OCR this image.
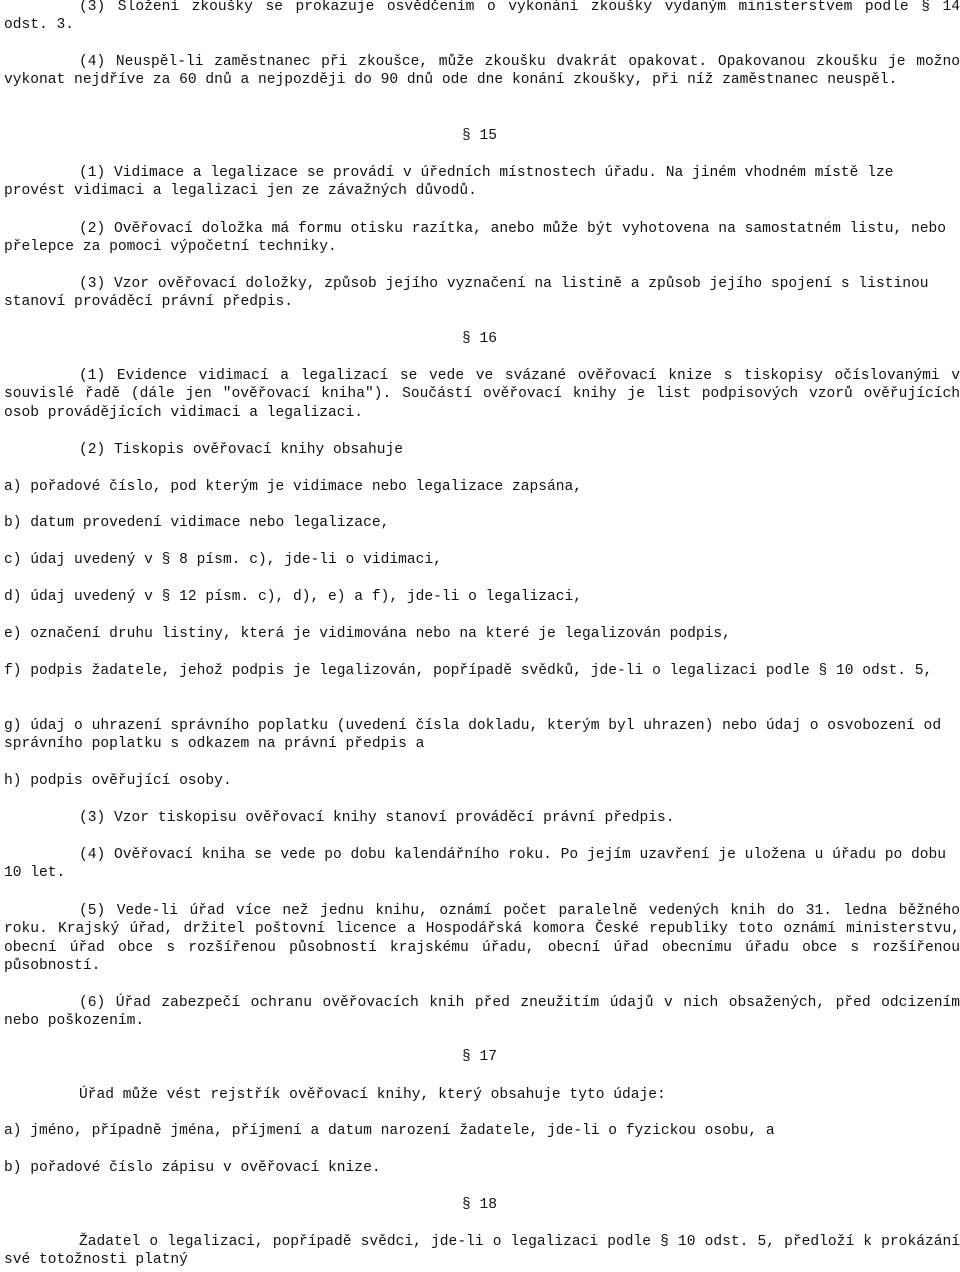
(3) Složení zkoušky se prokazuje osvědčením o vykonání zkoušky vydaným ministerstvem podle § 14 odst. 3.
(4) Neuspěl-li zaměstnanec při zkoušce, může zkoušku dvakrát opakovat. Opakovanou zkoušku je možno vykonat nejdříve za 60 dnů a nejpozději do 90 dnů ode dne konání zkoušky, při níž zaměstnanec neuspěl.
§ 15
(1) Vidimace a legalizace se provádí v úředních místnostech úřadu. Na jiném vhodném místě lze provést vidimaci a legalizaci jen ze závažných důvodů.
(2) Ověřovací doložka má formu otisku razítka, anebo může být vyhotovena na samostatném listu, nebo přelepce za pomoci výpočetní techniky.
(3) Vzor ověřovací doložky, způsob jejího vyznačení na listině a způsob jejího spojení s listinou stanoví prováděcí právní předpis.
§ 16
(1) Evidence vidimací a legalizací se vede ve svázané ověřovací knize s tiskopisy očíslovanými v souvislé řadě (dále jen "ověřovací kniha"). Součástí ověřovací knihy je list podpisových vzorů ověřujících osob provádějících vidimaci a legalizaci.
(2) Tiskopis ověřovací knihy obsahuje
a) pořadové číslo, pod kterým je vidimace nebo legalizace zapsána,
b) datum provedení vidimace nebo legalizace,
c) údaj uvedený v § 8 písm. c), jde-li o vidimaci,
d) údaj uvedený v § 12 písm. c), d), e) a f), jde-li o legalizaci,
e) označení druhu listiny, která je vidimována nebo na které je legalizován podpis,
f) podpis žadatele, jehož podpis je legalizován, popřípadě svědků, jde-li o legalizaci podle § 10 odst. 5,
g) údaj o uhrazení správního poplatku (uvedení čísla dokladu, kterým byl uhrazen) nebo údaj o osvobození od správního poplatku s odkazem na právní předpis a
h) podpis ověřující osoby.
(3) Vzor tiskopisu ověřovací knihy stanoví prováděcí právní předpis.
(4) Ověřovací kniha se vede po dobu kalendářního roku. Po jejím uzavření je uložena u úřadu po dobu 10 let.
(5) Vede-li úřad více než jednu knihu, oznámí počet paralelně vedených knih do 31. ledna běžného roku. Krajský úřad, držitel poštovní licence a Hospodářská komora České republiky toto oznámí ministerstvu, obecní úřad obce s rozšířenou působností krajskému úřadu, obecní úřad obecnímu úřadu obce s rozšířenou působností.
(6) Úřad zabezpečí ochranu ověřovacích knih před zneužitím údajů v nich obsažených, před odcizením nebo poškozením.
§ 17
Úřad může vést rejstřík ověřovací knihy, který obsahuje tyto údaje:
a) jméno, případně jména, příjmení a datum narození žadatele, jde-li o fyzickou osobu, a
b) pořadové číslo zápisu v ověřovací knize.
§ 18
Žadatel o legalizaci, popřípadě svědci, jde-li o legalizaci podle § 10 odst. 5, předloží k prokázání své totožnosti platný
